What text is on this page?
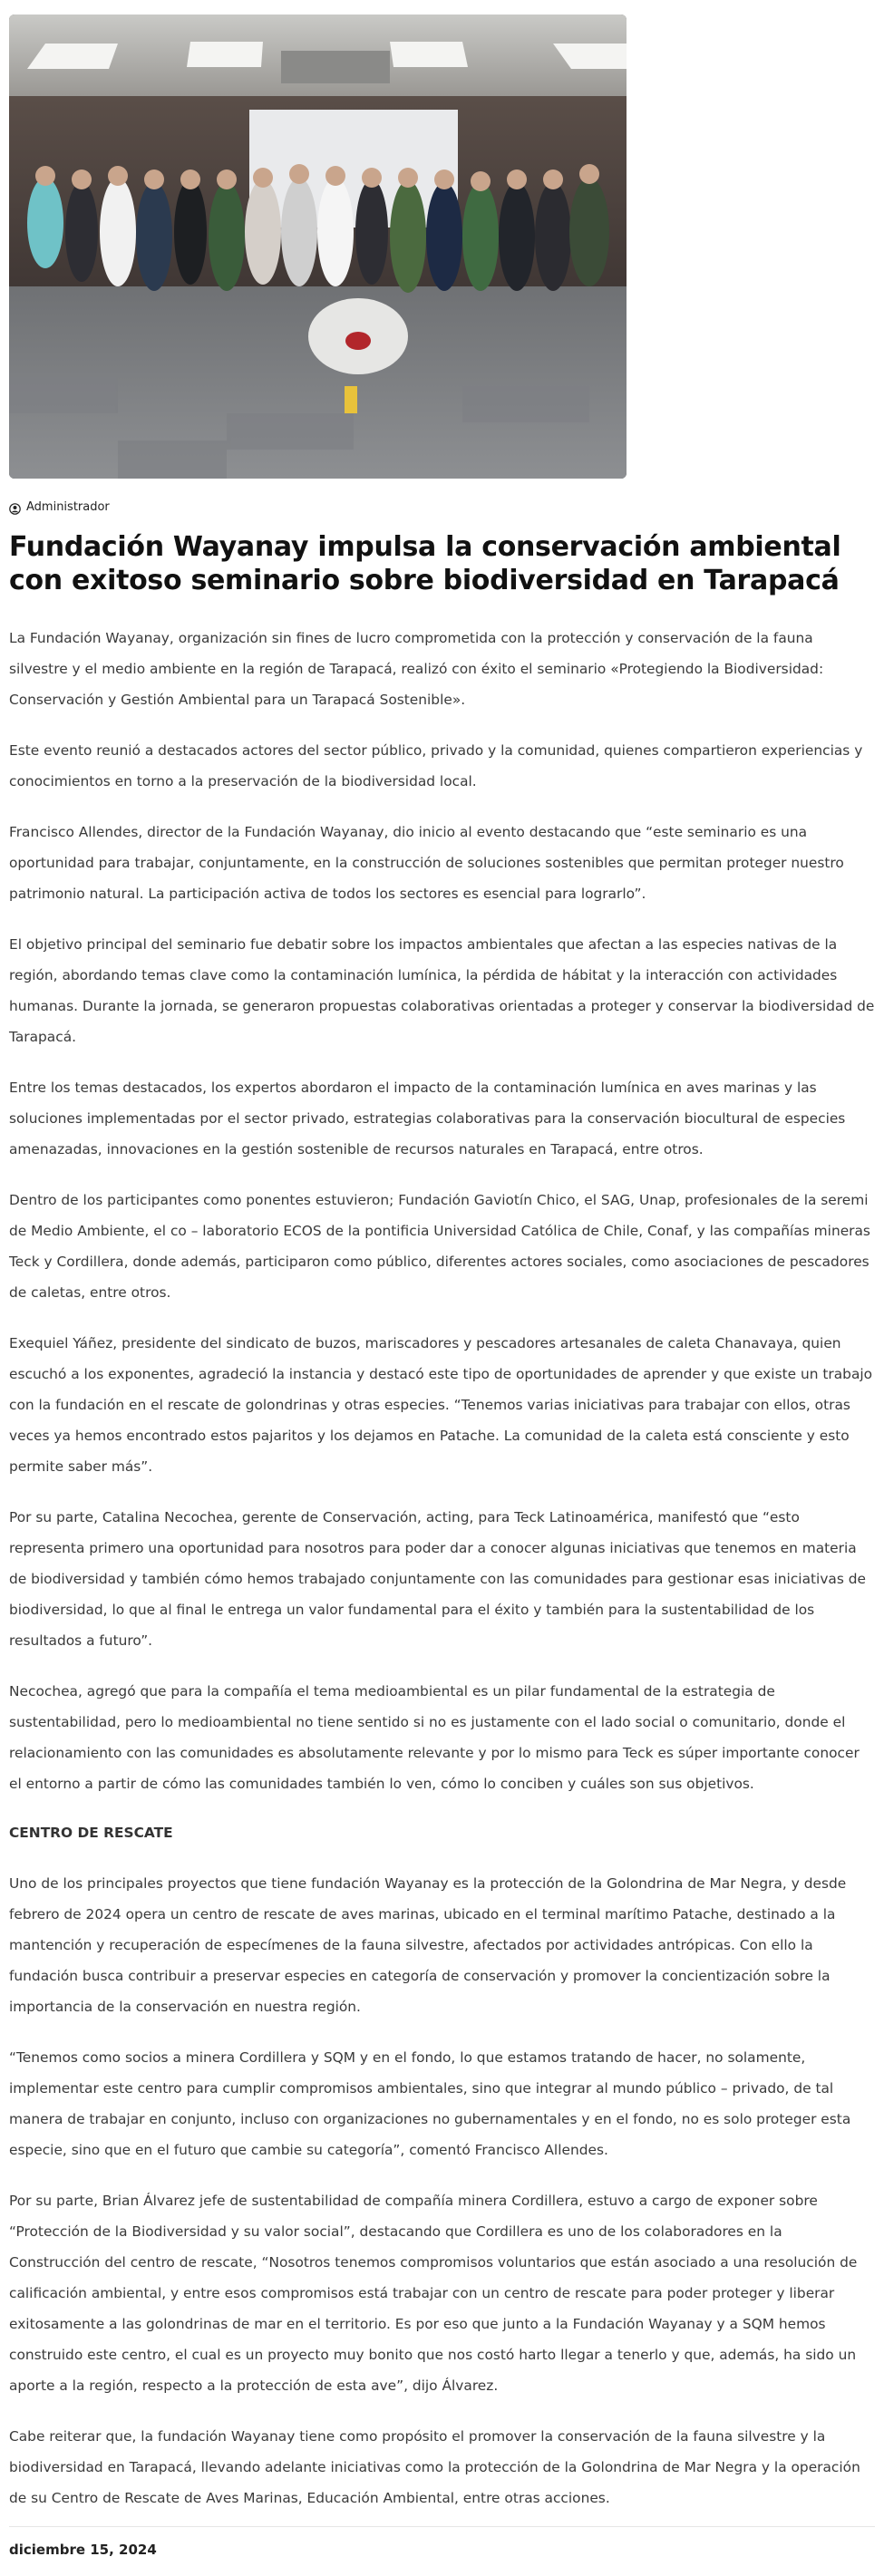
Administrador
Fundación Wayanay impulsa la conservación ambiental con exitoso seminario sobre biodiversidad en Tarapacá

La Fundación Wayanay, organización sin fines de lucro comprometida con la protección y conservación de la fauna silvestre y el medio ambiente en la región de Tarapacá, realizó con éxito el seminario «Protegiendo la Biodiversidad: Conservación y Gestión Ambiental para un Tarapacá Sostenible».

Este evento reunió a destacados actores del sector público, privado y la comunidad, quienes compartieron experiencias y conocimientos en torno a la preservación de la biodiversidad local.

Francisco Allendes, director de la Fundación Wayanay, dio inicio al evento destacando que “este seminario es una oportunidad para trabajar, conjuntamente, en la construcción de soluciones sostenibles que permitan proteger nuestro patrimonio natural. La participación activa de todos los sectores es esencial para lograrlo”.

El objetivo principal del seminario fue debatir sobre los impactos ambientales que afectan a las especies nativas de la región, abordando temas clave como la contaminación lumínica, la pérdida de hábitat y la interacción con actividades humanas. Durante la jornada, se generaron propuestas colaborativas orientadas a proteger y conservar la biodiversidad de Tarapacá.

Entre los temas destacados, los expertos abordaron el impacto de la contaminación lumínica en aves marinas y las soluciones implementadas por el sector privado, estrategias colaborativas para la conservación biocultural de especies amenazadas, innovaciones en la gestión sostenible de recursos naturales en Tarapacá, entre otros.

Dentro de los participantes como ponentes estuvieron; Fundación Gaviotín Chico, el SAG, Unap, profesionales de la seremi de Medio Ambiente, el co – laboratorio ECOS de la pontificia Universidad Católica de Chile, Conaf, y las compañías mineras Teck y Cordillera, donde además, participaron como público, diferentes actores sociales, como asociaciones de pescadores de caletas, entre otros.

Exequiel Yáñez, presidente del sindicato de buzos, mariscadores y pescadores artesanales de caleta Chanavaya, quien escuchó a los exponentes, agradeció la instancia y destacó este tipo de oportunidades de aprender y que existe un trabajo con la fundación en el rescate de golondrinas y otras especies. “Tenemos varias iniciativas para trabajar con ellos, otras veces ya hemos encontrado estos pajaritos y los dejamos en Patache. La comunidad de la caleta está consciente y esto permite saber más”.

Por su parte, Catalina Necochea, gerente de Conservación, acting, para Teck Latinoamérica, manifestó que “esto representa primero una oportunidad para nosotros para poder dar a conocer algunas iniciativas que tenemos en materia de biodiversidad y también cómo hemos trabajado conjuntamente con las comunidades para gestionar esas iniciativas de biodiversidad, lo que al final le entrega un valor fundamental para el éxito y también para la sustentabilidad de los resultados a futuro”.

Necochea, agregó que para la compañía el tema medioambiental es un pilar fundamental de la estrategia de sustentabilidad, pero lo medioambiental no tiene sentido si no es justamente con el lado social o comunitario, donde el relacionamiento con las comunidades es absolutamente relevante y por lo mismo para Teck es súper importante conocer el entorno a partir de cómo las comunidades también lo ven, cómo lo conciben y cuáles son sus objetivos.

CENTRO DE RESCATE

Uno de los principales proyectos que tiene fundación Wayanay es la protección de la Golondrina de Mar Negra, y desde febrero de 2024 opera un centro de rescate de aves marinas, ubicado en el terminal marítimo Patache, destinado a la mantención y recuperación de especímenes de la fauna silvestre, afectados por actividades antrópicas. Con ello la fundación busca contribuir a preservar especies en categoría de conservación y promover la concientización sobre la importancia de la conservación en nuestra región.

“Tenemos como socios a minera Cordillera y SQM y en el fondo, lo que estamos tratando de hacer, no solamente, implementar este centro para cumplir compromisos ambientales, sino que integrar al mundo público – privado, de tal manera de trabajar en conjunto, incluso con organizaciones no gubernamentales y en el fondo, no es solo proteger esta especie, sino que en el futuro que cambie su categoría”, comentó Francisco Allendes.

Por su parte, Brian Álvarez jefe de sustentabilidad de compañía minera Cordillera, estuvo a cargo de exponer sobre “Protección de la Biodiversidad y su valor social”, destacando que Cordillera es uno de los colaboradores en la Construcción del centro de rescate, “Nosotros tenemos compromisos voluntarios que están asociado a una resolución de calificación ambiental, y entre esos compromisos está trabajar con un centro de rescate para poder proteger y liberar exitosamente a las golondrinas de mar en el territorio. Es por eso que junto a la Fundación Wayanay y a SQM hemos construido este centro, el cual es un proyecto muy bonito que nos costó harto llegar a tenerlo y que, además, ha sido un aporte a la región, respecto a la protección de esta ave”, dijo Álvarez.

Cabe reiterar que, la fundación Wayanay tiene como propósito el promover la conservación de la fauna silvestre y la biodiversidad en Tarapacá, llevando adelante iniciativas como la protección de la Golondrina de Mar Negra y la operación de su Centro de Rescate de Aves Marinas, Educación Ambiental, entre otras acciones.

diciembre 15, 2024
